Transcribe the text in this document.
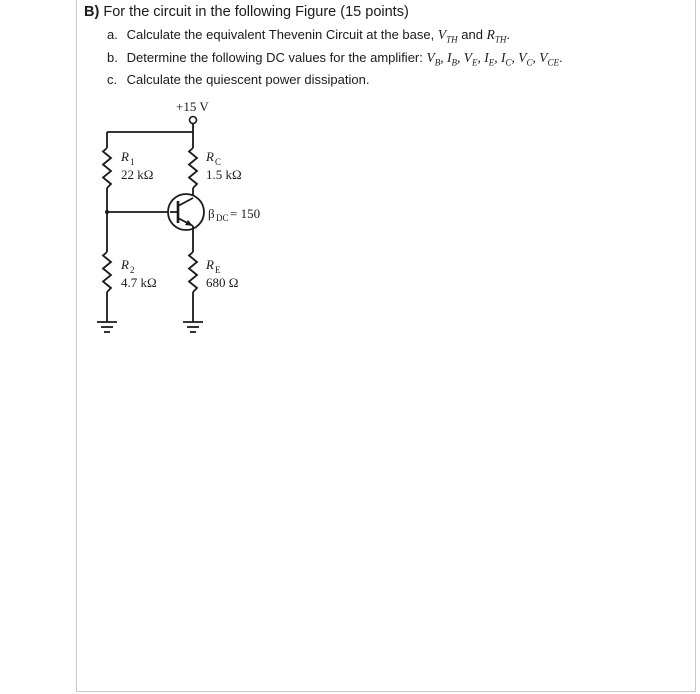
B) For the circuit in the following Figure (15 points)
a. Calculate the equivalent Thevenin Circuit at the base, $V_{TH}$ and $R_{TH}$.
b. Determine the following DC values for the amplifier: $V_B$, $I_B$, $V_E$, $I_E$, $I_C$, $V_C$, $V_{CE}$.
c. Calculate the quiescent power dissipation.
+15 V
R 1
22 kΩ
R C
1.5 kΩ
β DC = 150
R 2
4.7 kΩ
R E
680 Ω
